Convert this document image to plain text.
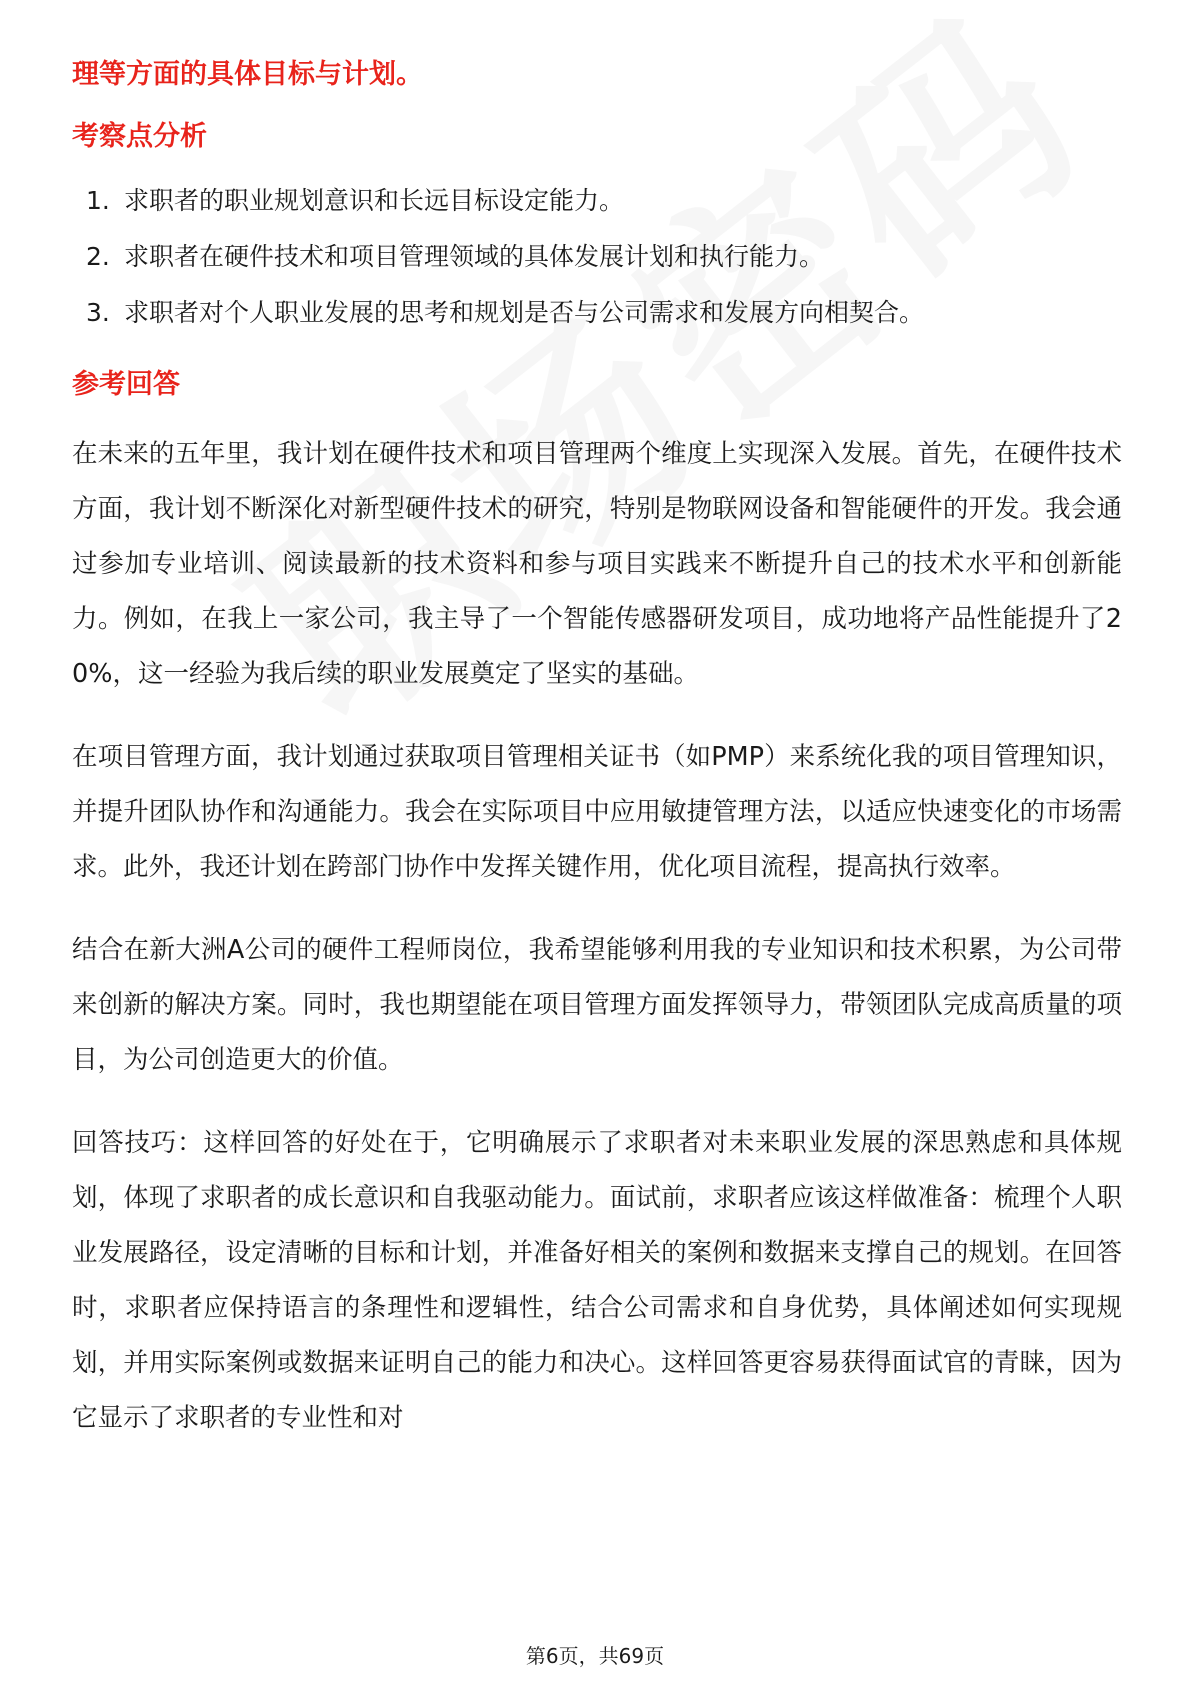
理等方面的具体目标与计划。

考察点分析
1. 求职者的职业规划意识和长远目标设定能力。
2. 求职者在硬件技术和项目管理领域的具体发展计划和执行能力。
3. 求职者对个人职业发展的思考和规划是否与公司需求和发展方向相契合。
参考回答

在未来的五年里，我计划在硬件技术和项目管理两个维度上实现深入发展。首先，在硬件技术方面，我计划不断深化对新型硬件技术的研究，特别是物联网设备和智能硬件的开发。我会通过参加专业培训、阅读最新的技术资料和参与项目实践来不断提升自己的技术水平和创新能力。例如，在我上一家公司，我主导了一个智能传感器研发项目，成功地将产品性能提升了20%，这一经验为我后续的职业发展奠定了坚实的基础。

在项目管理方面，我计划通过获取项目管理相关证书（如PMP）来系统化我的项目管理知识，并提升团队协作和沟通能力。我会在实际项目中应用敏捷管理方法，以适应快速变化的市场需求。此外，我还计划在跨部门协作中发挥关键作用，优化项目流程，提高执行效率。

结合在新大洲A公司的硬件工程师岗位，我希望能够利用我的专业知识和技术积累，为公司带来创新的解决方案。同时，我也期望能在项目管理方面发挥领导力，带领团队完成高质量的项目，为公司创造更大的价值。

回答技巧：这样回答的好处在于，它明确展示了求职者对未来职业发展的深思熟虑和具体规划，体现了求职者的成长意识和自我驱动能力。面试前，求职者应该这样做准备：梳理个人职业发展路径，设定清晰的目标和计划，并准备好相关的案例和数据来支撑自己的规划。在回答时，求职者应保持语言的条理性和逻辑性，结合公司需求和自身优势，具体阐述如何实现规划，并用实际案例或数据来证明自己的能力和决心。这样回答更容易获得面试官的青睐，因为它显示了求职者的专业性和对

第6页，共69页
